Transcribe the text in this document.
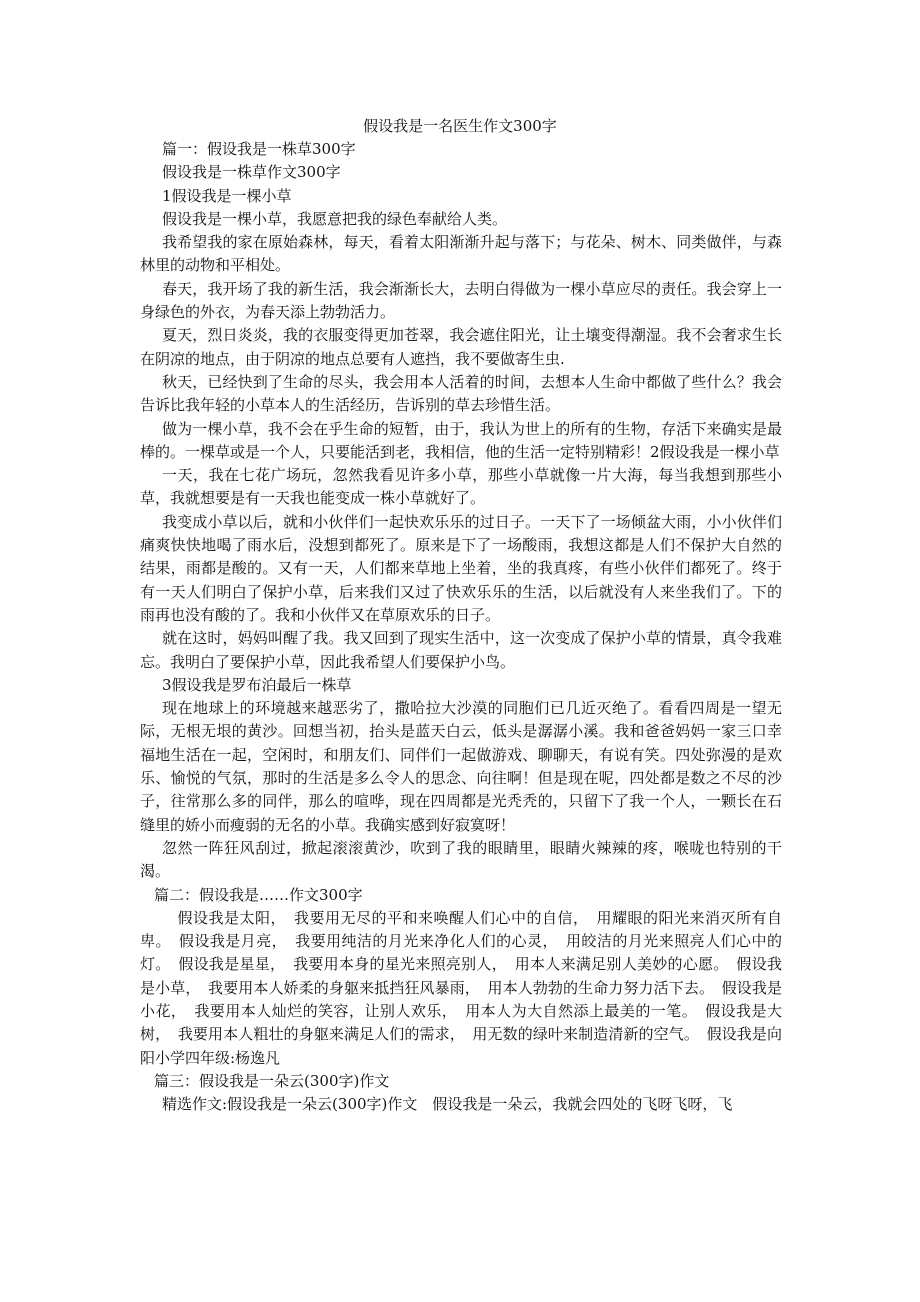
假设我是一名医生作文300字

篇一：假设我是一株草300字

假设我是一株草作文300字

1假设我是一棵小草

假设我是一棵小草，我愿意把我的绿色奉献给人类。

我希望我的家在原始森林，每天，看着太阳渐渐升起与落下；与花朵、树木、同类做伴，与森林里的动物和平相处。

春天，我开场了我的新生活，我会渐渐长大，去明白得做为一棵小草应尽的责任。我会穿上一身绿色的外衣，为春天添上勃勃活力。

夏天，烈日炎炎，我的衣服变得更加苍翠，我会遮住阳光，让土壤变得潮湿。我不会奢求生长在阴凉的地点，由于阴凉的地点总要有人遮挡，我不要做寄生虫.

秋天，已经快到了生命的尽头，我会用本人活着的时间，去想本人生命中都做了些什么？我会告诉比我年轻的小草本人的生活经历，告诉别的草去珍惜生活。

做为一棵小草，我不会在乎生命的短暂，由于，我认为世上的所有的生物，存活下来确实是最棒的。一棵草或是一个人，只要能活到老，我相信，他的生活一定特别精彩！2假设我是一棵小草

一天，我在七花广场玩，忽然我看见许多小草，那些小草就像一片大海，每当我想到那些小草，我就想要是有一天我也能变成一株小草就好了。

我变成小草以后，就和小伙伴们一起快欢乐乐的过日子。一天下了一场倾盆大雨，小小伙伴们痛爽快快地喝了雨水后，没想到都死了。原来是下了一场酸雨，我想这都是人们不保护大自然的结果，雨都是酸的。又有一天，人们都来草地上坐着，坐的我真疼，有些小伙伴们都死了。终于有一天人们明白了保护小草，后来我们又过了快欢乐乐的生活，以后就没有人来坐我们了。下的雨再也没有酸的了。我和小伙伴又在草原欢乐的日子。

就在这时，妈妈叫醒了我。我又回到了现实生活中，这一次变成了保护小草的情景，真令我难忘。我明白了要保护小草，因此我希望人们要保护小鸟。

3假设我是罗布泊最后一株草

现在地球上的环境越来越恶劣了，撒哈拉大沙漠的同胞们已几近灭绝了。看看四周是一望无际，无根无垠的黄沙。回想当初，抬头是蓝天白云，低头是潺潺小溪。我和爸爸妈妈一家三口幸福地生活在一起，空闲时，和朋友们、同伴们一起做游戏、聊聊天，有说有笑。四处弥漫的是欢乐、愉悦的气氛，那时的生活是多么令人的思念、向往啊！但是现在呢，四处都是数之不尽的沙子，往常那么多的同伴，那么的喧哗，现在四周都是光秃秃的，只留下了我一个人，一颗长在石缝里的娇小而瘦弱的无名的小草。我确实感到好寂寞呀！

忽然一阵狂风刮过，掀起滚滚黄沙，吹到了我的眼睛里，眼睛火辣辣的疼，喉咙也特别的干渴。

篇二：假设我是……作文300字

　假设我是太阳，　我要用无尽的平和来唤醒人们心中的自信，　用耀眼的阳光来消灭所有自卑。　假设我是月亮，　我要用纯洁的月光来净化人们的心灵，　用皎洁的月光来照亮人们心中的灯。　假设我是星星，　我要用本身的星光来照亮别人，　用本人来满足别人美妙的心愿。　假设我是小草，　我要用本人娇柔的身躯来抵挡狂风暴雨，　用本人勃勃的生命力努力活下去。　假设我是小花，　我要用本人灿烂的笑容，让别人欢乐，　用本人为大自然添上最美的一笔。　假设我是大树，　我要用本人粗壮的身躯来满足人们的需求，　用无数的绿叶来制造清新的空气。　假设我是向阳小学四年级:杨逸凡

篇三：假设我是一朵云(300字)作文

精选作文:假设我是一朵云(300字)作文　假设我是一朵云，我就会四处的飞呀飞呀，飞
